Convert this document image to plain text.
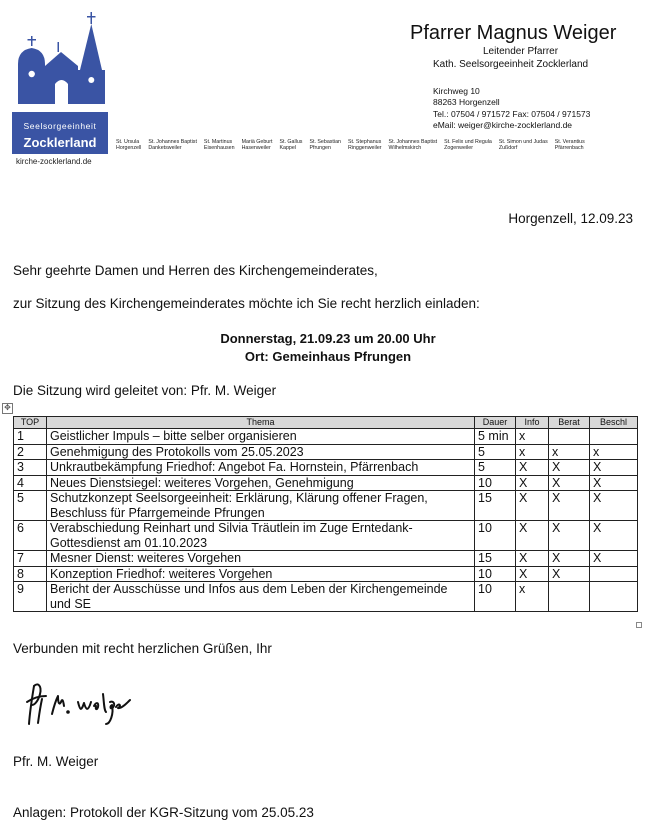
Seelsorgeeinheit
Zocklerland
kirche-zocklerland.de
Pfarrer Magnus Weiger
Leitender Pfarrer
Kath. Seelsorgeeinheit Zocklerland
Kirchweg 10
88263 Horgenzell
Tel.: 07504 / 971572 Fax: 07504 / 971573
eMail: weiger@kirche-zocklerland.de
St. Ursula
Horgenzell
St. Johannes Baptist
Danketsweiler
St. Martinus
Eisenhausen
Mariä Geburt
Hasenweiler
St. Gallus
Kappel
St. Sebastian
Pfrungen
St. Stephanus
Ringgenweiler
St. Johannes Baptist
Wilhelmskirch
St. Felix und Regula
Zogenweiler
St. Simon und Judas
Zußdorf
St. Verantius
Pfärrenbach
Horgenzell, 12.09.23
Sehr geehrte Damen und Herren des Kirchengemeinderates,
zur Sitzung des Kirchengemeinderates möchte ich Sie recht herzlich einladen:
Donnerstag, 21.09.23 um 20.00 Uhr
Ort: Gemeinhaus Pfrungen
Die Sitzung wird geleitet von: Pfr. M. Weiger
✥
TOP	Thema	Dauer	Info	Berat	Beschl
1	Geistlicher Impuls – bitte selber organisieren	5 min	x		
2	Genehmigung des Protokolls vom 25.05.2023	5	x	x	x
3	Unkrautbekämpfung Friedhof: Angebot Fa. Hornstein, Pfärrenbach	5	X	X	X
4	Neues Dienstsiegel: weiteres Vorgehen, Genehmigung	10	X	X	X
5	Schutzkonzept Seelsorgeeinheit: Erklärung, Klärung offener Fragen, Beschluss für Pfarrgemeinde Pfrungen	15	X	X	X
6	Verabschiedung Reinhart und Silvia Träutlein im Zuge Erntedank-Gottesdienst am 01.10.2023	10	X	X	X
7	Mesner Dienst: weiteres Vorgehen	15	X	X	X
8	Konzeption Friedhof: weiteres Vorgehen	10	X	X	
9	Bericht der Ausschüsse und Infos aus dem Leben der Kirchengemeinde und SE	10	x		
Verbunden mit recht herzlichen Grüßen, Ihr
Pfr. M. Weiger
Anlagen: Protokoll der KGR-Sitzung vom 25.05.23
